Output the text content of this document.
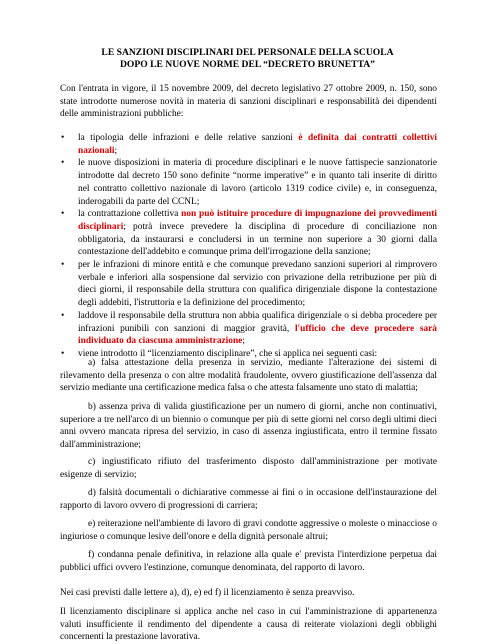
LE SANZIONI DISCIPLINARI DEL PERSONALE DELLA SCUOLA
DOPO LE NUOVE NORME DEL “DECRETO BRUNETTA”

Con l'entrata in vigore, il 15 novembre 2009, del decreto legislativo 27 ottobre 2009, n. 150, sono state introdotte numerose novità in materia di sanzioni disciplinari e responsabilità dei dipendenti delle amministrazioni pubbliche:

• la tipologia delle infrazioni e delle relative sanzioni è definita dai contratti collettivi nazionali;
• le nuove disposizioni in materia di procedure disciplinari e le nuove fattispecie sanzionatorie introdotte dal decreto 150 sono definite “norme imperative” e in quanto tali inserite di diritto nel contratto collettivo nazionale di lavoro (articolo 1319 codice civile) e, in conseguenza, inderogabili da parte del CCNL;
• la contrattazione collettiva non può istituire procedure di impugnazione dei provvedimenti disciplinari; potrà invece prevedere la disciplina di procedure di conciliazione non obbligatoria, da instaurarsi e concludersi in un termine non superiore a 30 giorni dalla contestazione dell'addebito e comunque prima dell'irrogazione della sanzione;
• per le infrazioni di minore entità e che comunque prevedano sanzioni superiori al rimprovero verbale e inferiori alla sospensione dal servizio con privazione della retribuzione per più di dieci giorni, il responsabile della struttura con qualifica dirigenziale dispone la contestazione degli addebiti, l'istruttoria e la definizione del procedimento;
• laddove il responsabile della struttura non abbia qualifica dirigenziale o si debba procedere per infrazioni punibili con sanzioni di maggior gravità, l'ufficio che deve procedere sarà individuato da ciascuna amministrazione;
• viene introdotto il “licenziamento disciplinare”, che si applica nei seguenti casi:

a) falsa attestazione della presenza in servizio, mediante l'alterazione dei sistemi di rilevamento della presenza o con altre modalità fraudolente, ovvero giustificazione dell'assenza dal servizio mediante una certificazione medica falsa o che attesta falsamente uno stato di malattia;

b) assenza priva di valida giustificazione per un numero di giorni, anche non continuativi, superiore a tre nell'arco di un biennio o comunque per più di sette giorni nel corso degli ultimi dieci anni ovvero mancata ripresa del servizio, in caso di assenza ingiustificata, entro il termine fissato dall'amministrazione;

c) ingiustificato rifiuto del trasferimento disposto dall'amministrazione per motivate esigenze di servizio;

d) falsità documentali o dichiarative commesse ai fini o in occasione dell'instaurazione del rapporto di lavoro ovvero di progressioni di carriera;

e) reiterazione nell'ambiente di lavoro di gravi condotte aggressive o moleste o minacciose o ingiuriose o comunque lesive dell'onore e della dignità personale altrui;

f) condanna penale definitiva, in relazione alla quale e' prevista l'interdizione perpetua dai pubblici uffici ovvero l'estinzione, comunque denominata, del rapporto di lavoro.

Nei casi previsti dalle lettere a), d), e) ed f) il licenziamento è senza preavviso.

Il licenziamento disciplinare si applica anche nel caso in cui l'amministrazione di appartenenza valuti insufficiente il rendimento del dipendente a causa di reiterate violazioni degli obblighi concernenti la prestazione lavorativa.
